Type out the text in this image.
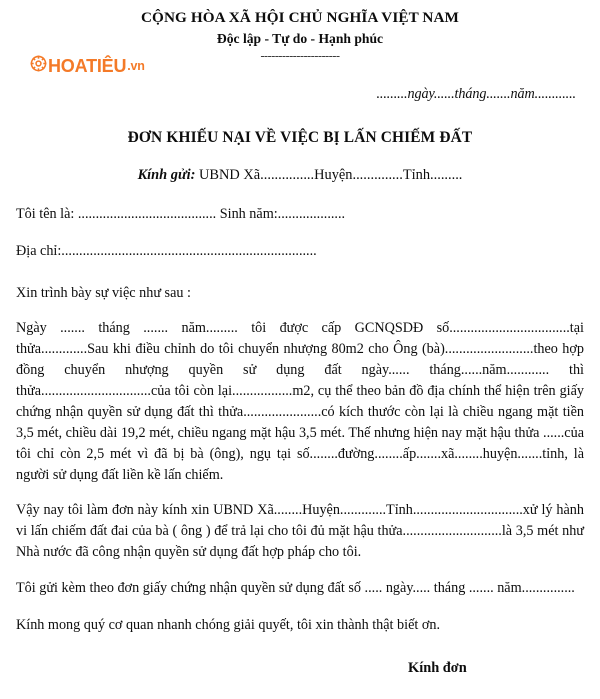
CỘNG HÒA XÃ HỘI CHỦ NGHĨA VIỆT NAM
Độc lập - Tự do - Hạnh phúc
----------------------
HOATIÊU .vn
.........ngày......tháng.......năm............
ĐƠN KHIẾU NẠI VỀ VIỆC BỊ LẤN CHIẾM ĐẤT
Kính gửi: UBND Xã...............Huyện..............Tỉnh.........
Tôi tên là: ....................................... Sinh năm:...................
Địa chỉ:........................................................................
Xin trình bày sự việc như sau :
Ngày ....... tháng ....... năm......... tôi được cấp GCNQSDĐ số..................................tại thửa.............Sau khi điều chỉnh do tôi chuyển nhượng 80m2 cho Ông (bà).........................theo hợp đồng chuyển nhượng quyền sử dụng đất ngày...... tháng......năm............ thì thửa...............................của tôi còn lại.................m2, cụ thể theo bản đồ địa chính thể hiện trên giấy chứng nhận quyền sử dụng đất thì thửa......................có kích thước còn lại là chiều ngang mặt tiền 3,5 mét, chiều dài 19,2 mét, chiều ngang mặt hậu 3,5 mét. Thế nhưng hiện nay mặt hậu thửa ......của tôi chỉ còn 2,5 mét vì đã bị bà (ông), ngụ tại số........đường........ấp.......xã........huyện.......tỉnh, là người sử dụng đất liền kề lấn chiếm.
Vậy nay tôi làm đơn này kính xin UBND Xã........Huyện.............Tỉnh...............................xử lý hành vi lấn chiếm đất đai của bà ( ông ) để trả lại cho tôi đủ mặt hậu thửa............................là 3,5 mét như Nhà nước đã công nhận quyền sử dụng đất hợp pháp cho tôi.
Tôi gửi kèm theo đơn giấy chứng nhận quyền sử dụng đất số ..... ngày..... tháng ....... năm...............
Kính mong quý cơ quan nhanh chóng giải quyết, tôi xin thành thật biết ơn.
Kính đơn
